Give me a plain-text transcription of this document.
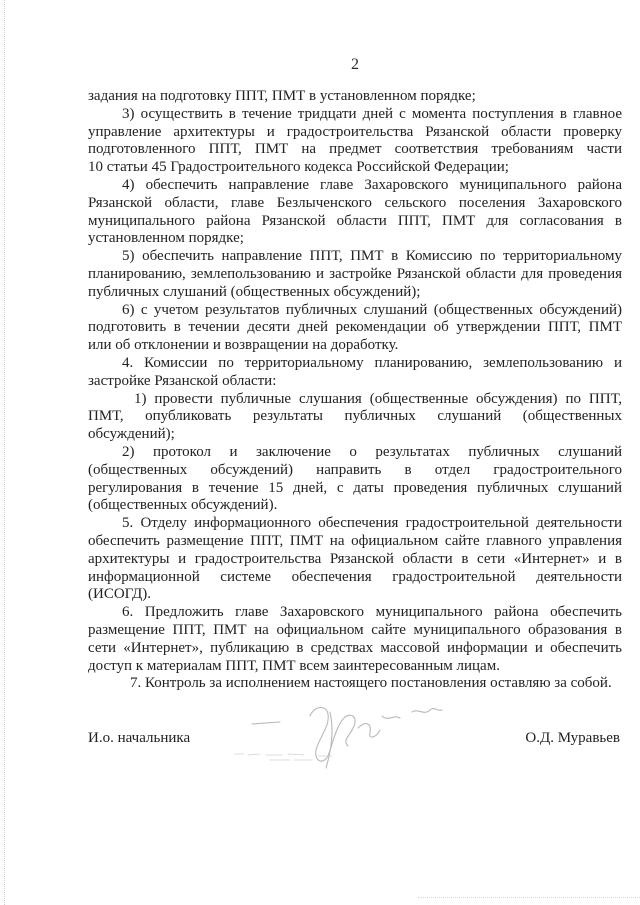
2
задания на подготовку ППТ, ПМТ в установленном порядке;
3) осуществить в течение тридцати дней с момента поступления в главное
управление архитектуры и градостроительства Рязанской области проверку
подготовленного ППТ, ПМТ на предмет соответствия требованиям части
10 статьи 45 Градостроительного кодекса Российской Федерации;
4) обеспечить направление главе Захаровского муниципального района
Рязанской области, главе Безлыченского сельского поселения Захаровского
муниципального района Рязанской области ППТ, ПМТ для согласования в
установленном порядке;
5) обеспечить направление ППТ, ПМТ в Комиссию по территориальному
планированию, землепользованию и застройке Рязанской области для проведения
публичных слушаний (общественных обсуждений);
6) с учетом результатов публичных слушаний (общественных обсуждений)
подготовить в течении десяти дней рекомендации об утверждении ППТ, ПМТ
или об отклонении и возвращении на доработку.
4. Комиссии по территориальному планированию, землепользованию и
застройке Рязанской области:
1) провести публичные слушания (общественные обсуждения) по ППТ,
ПМТ, опубликовать результаты публичных слушаний (общественных
обсуждений);
2) протокол и заключение о результатах публичных слушаний
(общественных обсуждений) направить в отдел градостроительного
регулирования в течение 15 дней, с даты проведения публичных слушаний
(общественных обсуждений).
5. Отделу информационного обеспечения градостроительной деятельности
обеспечить размещение ППТ, ПМТ на официальном сайте главного управления
архитектуры и градостроительства Рязанской области в сети «Интернет» и в
информационной системе обеспечения градостроительной деятельности
(ИСОГД).
6. Предложить главе Захаровского муниципального района обеспечить
размещение ППТ, ПМТ на официальном сайте муниципального образования в
сети «Интернет», публикацию в средствах массовой информации и обеспечить
доступ к материалам ППТ, ПМТ всем заинтересованным лицам.
7. Контроль за исполнением настоящего постановления оставляю за собой.
И.о. начальника	О.Д. Муравьев
